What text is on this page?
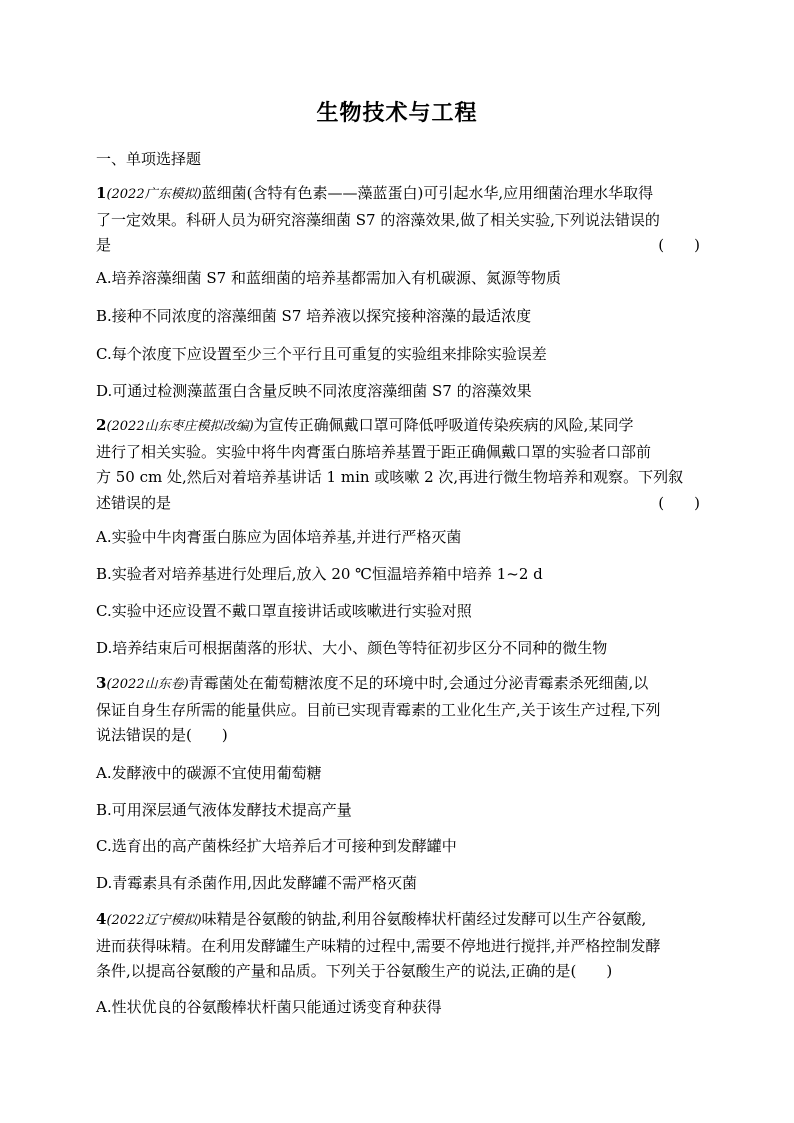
生物技术与工程
一、单项选择题
1(2022广东模拟)蓝细菌(含特有色素——藻蓝蛋白)可引起水华,应用细菌治理水华取得
了一定效果。科研人员为研究溶藻细菌 S7 的溶藻效果,做了相关实验,下列说法错误的
是	(　　)
A.培养溶藻细菌 S7 和蓝细菌的培养基都需加入有机碳源、氮源等物质
B.接种不同浓度的溶藻细菌 S7 培养液以探究接种溶藻的最适浓度
C.每个浓度下应设置至少三个平行且可重复的实验组来排除实验误差
D.可通过检测藻蓝蛋白含量反映不同浓度溶藻细菌 S7 的溶藻效果
2(2022山东枣庄模拟改编)为宣传正确佩戴口罩可降低呼吸道传染疾病的风险,某同学
进行了相关实验。实验中将牛肉膏蛋白胨培养基置于距正确佩戴口罩的实验者口部前
方 50 cm 处,然后对着培养基讲话 1 min 或咳嗽 2 次,再进行微生物培养和观察。下列叙
述错误的是	(　　)
A.实验中牛肉膏蛋白胨应为固体培养基,并进行严格灭菌
B.实验者对培养基进行处理后,放入 20 ℃恒温培养箱中培养 1~2 d
C.实验中还应设置不戴口罩直接讲话或咳嗽进行实验对照
D.培养结束后可根据菌落的形状、大小、颜色等特征初步区分不同种的微生物
3(2022山东卷)青霉菌处在葡萄糖浓度不足的环境中时,会通过分泌青霉素杀死细菌,以
保证自身生存所需的能量供应。目前已实现青霉素的工业化生产,关于该生产过程,下列
说法错误的是(　　)
A.发酵液中的碳源不宜使用葡萄糖
B.可用深层通气液体发酵技术提高产量
C.选育出的高产菌株经扩大培养后才可接种到发酵罐中
D.青霉素具有杀菌作用,因此发酵罐不需严格灭菌
4(2022辽宁模拟)味精是谷氨酸的钠盐,利用谷氨酸棒状杆菌经过发酵可以生产谷氨酸,
进而获得味精。在利用发酵罐生产味精的过程中,需要不停地进行搅拌,并严格控制发酵
条件,以提高谷氨酸的产量和品质。下列关于谷氨酸生产的说法,正确的是(　　)
A.性状优良的谷氨酸棒状杆菌只能通过诱变育种获得
